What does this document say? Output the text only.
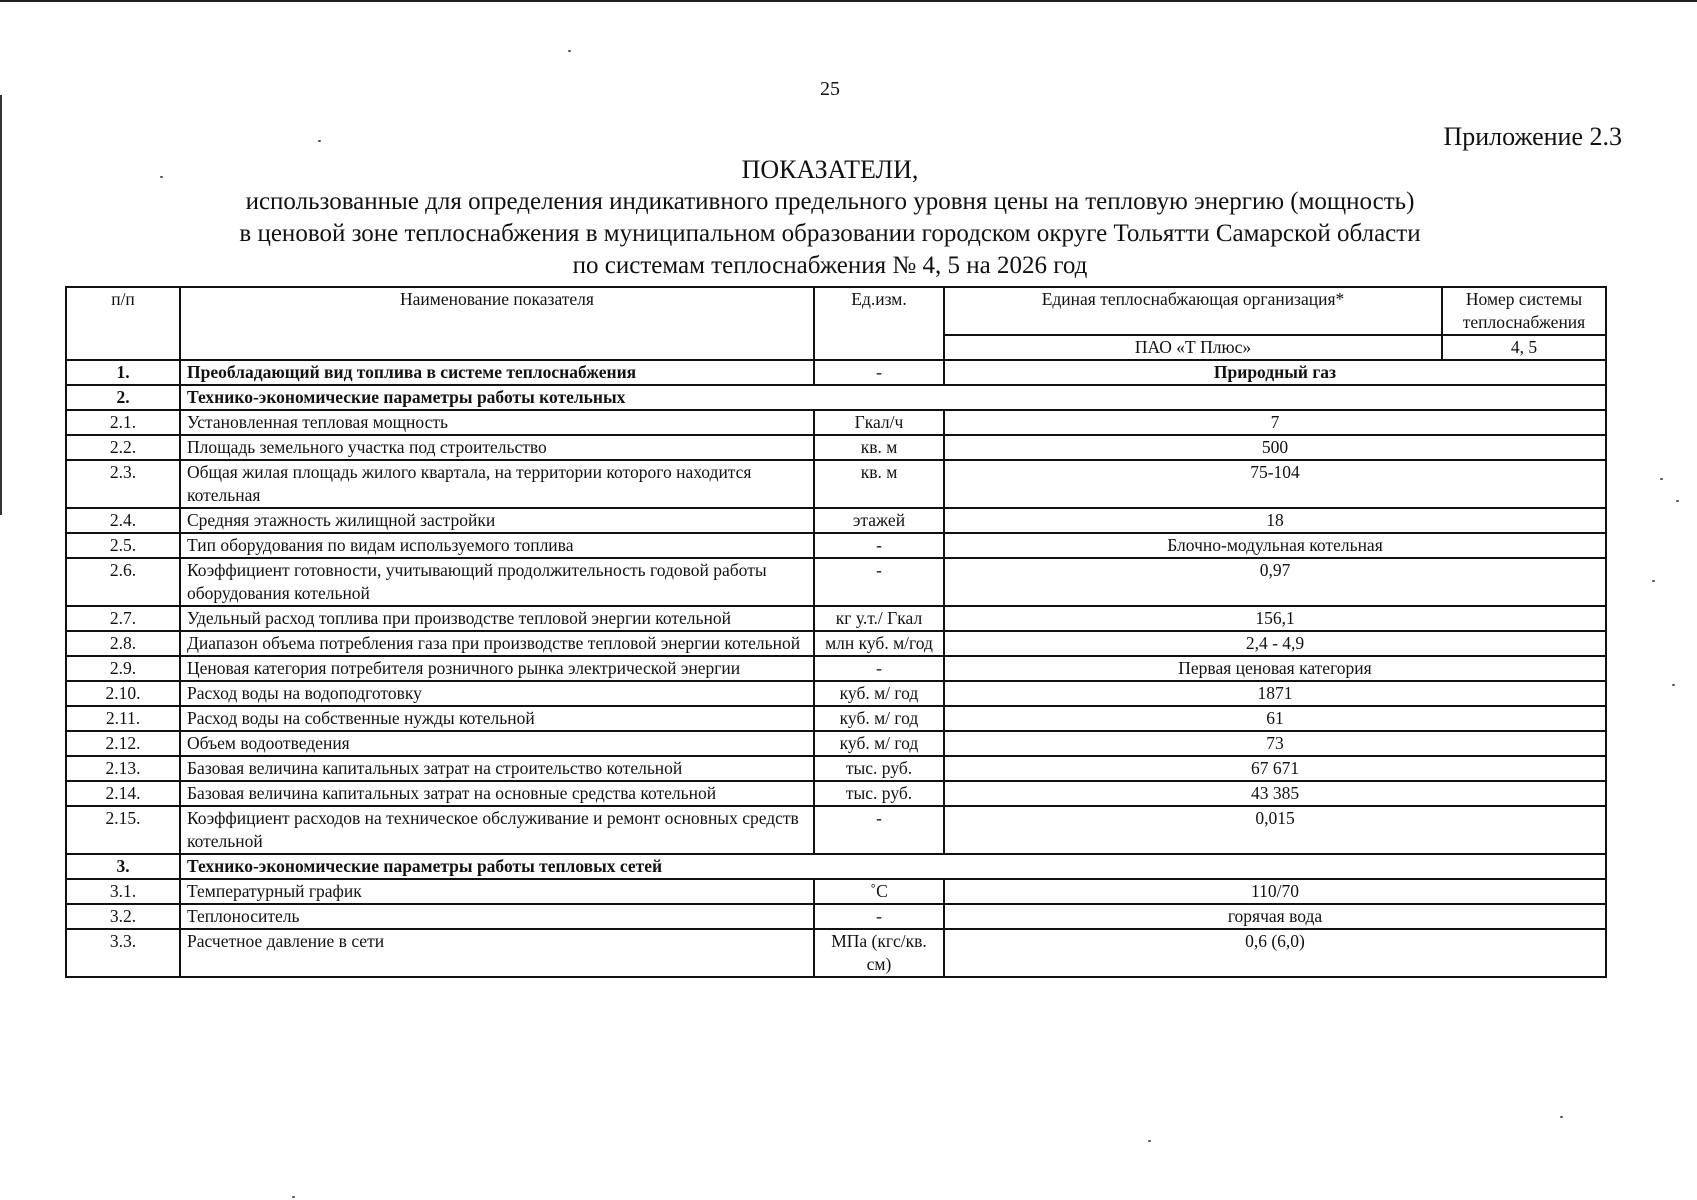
25
Приложение 2.3
ПОКАЗАТЕЛИ,
использованные для определения индикативного предельного уровня цены на тепловую энергию (мощность)
в ценовой зоне теплоснабжения в муниципальном образовании городском округе Тольятти Самарской области
по системам теплоснабжения № 4, 5 на 2026 год
п/п	Наименование показателя	Ед.изм.	Единая теплоснабжающая организация*	Номер системы теплоснабжения
			ПАО «Т Плюс»	4, 5
1.	Преобладающий вид топлива в системе теплоснабжения	-	Природный газ	
2.	Технико-экономические параметры работы котельных			
2.1.	Установленная тепловая мощность	Гкал/ч	7	
2.2.	Площадь земельного участка под строительство	кв. м	500	
2.3.	Общая жилая площадь жилого квартала, на территории которого находится котельная	кв. м	75-104	
2.4.	Средняя этажность жилищной застройки	этажей	18	
2.5.	Тип оборудования по видам используемого топлива	-	Блочно-модульная котельная	
2.6.	Коэффициент готовности, учитывающий продолжительность годовой работы оборудования котельной	-	0,97	
2.7.	Удельный расход топлива при производстве тепловой энергии котельной	кг у.т./ Гкал	156,1	
2.8.	Диапазон объема потребления газа при производстве тепловой энергии котельной	млн куб. м/год	2,4 - 4,9	
2.9.	Ценовая категория потребителя розничного рынка электрической энергии	-	Первая ценовая категория	
2.10.	Расход воды на водоподготовку	куб. м/ год	1871	
2.11.	Расход воды на собственные нужды котельной	куб. м/ год	61	
2.12.	Объем водоотведения	куб. м/ год	73	
2.13.	Базовая величина капитальных затрат на строительство котельной	тыс. руб.	67 671	
2.14.	Базовая величина капитальных затрат на основные средства котельной	тыс. руб.	43 385	
2.15.	Коэффициент расходов на техническое обслуживание и ремонт основных средств котельной	-	0,015	
3.	Технико-экономические параметры работы тепловых сетей			
3.1.	Температурный график	˚С	110/70	
3.2.	Теплоноситель	-	горячая вода	
3.3.	Расчетное давление в сети	МПа (кгс/кв. см)	0,6 (6,0)	
